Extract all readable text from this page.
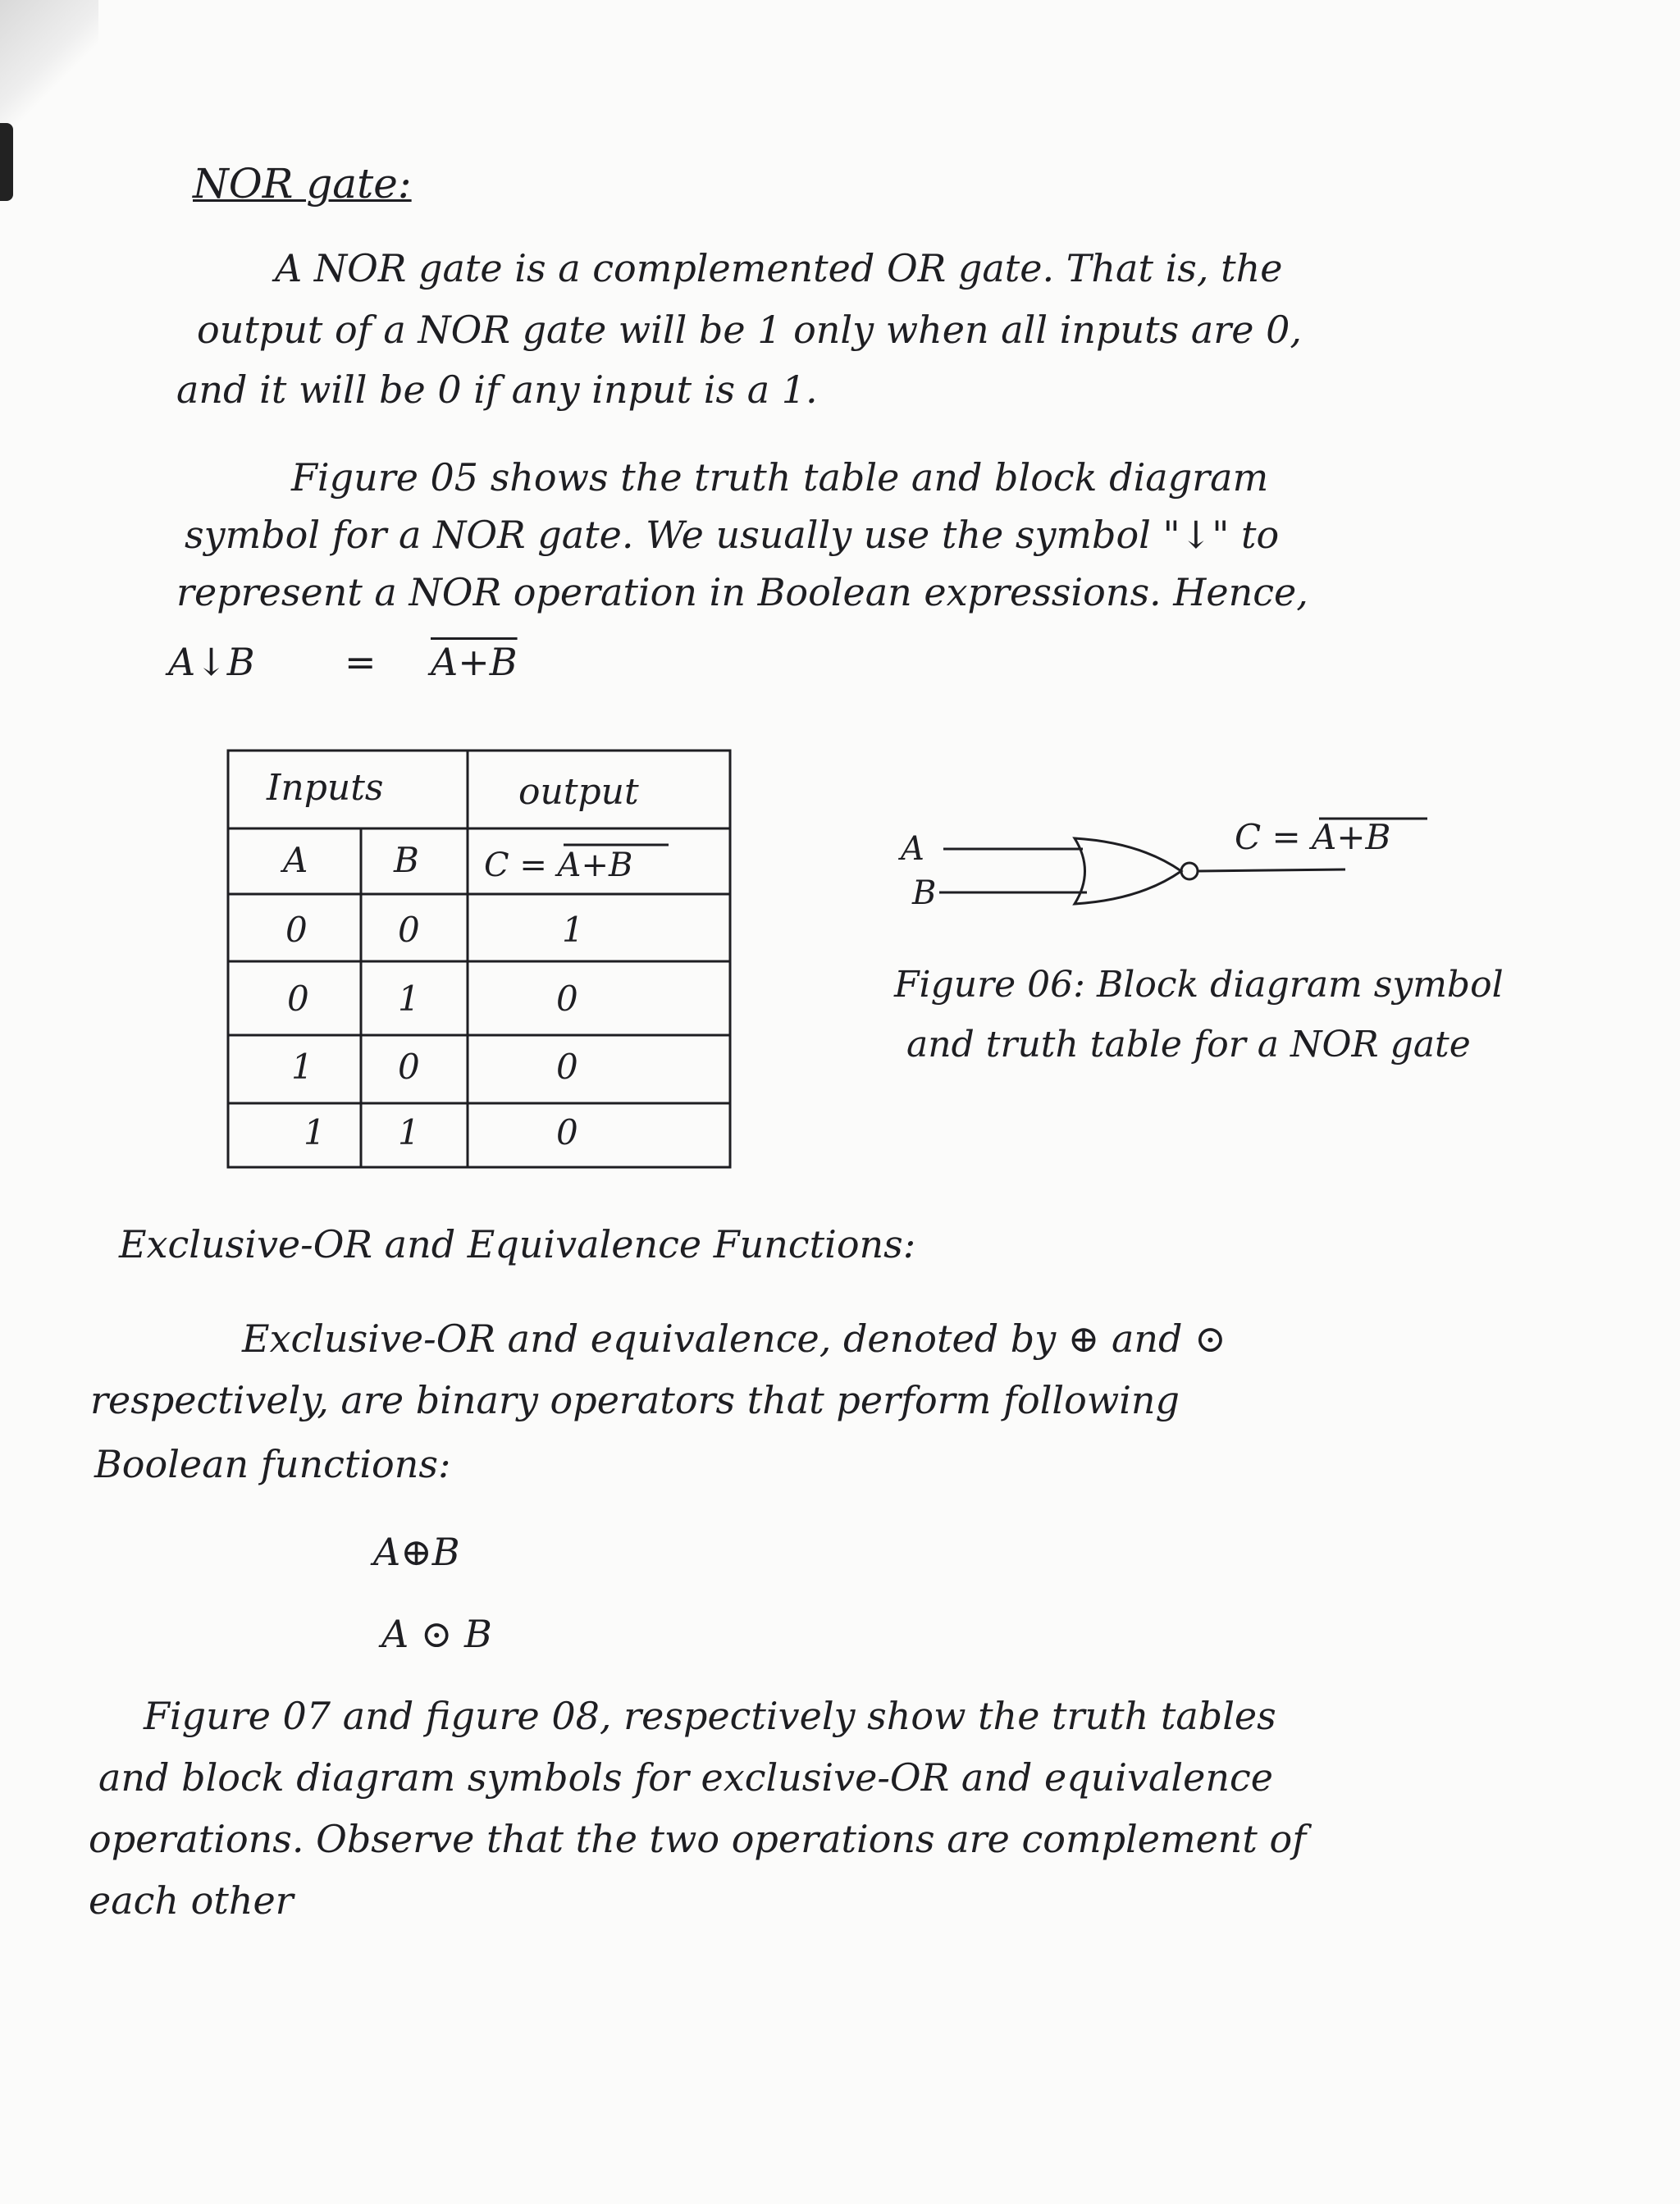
NOR gate:
A NOR gate is a complemented OR gate. That is, the
output of a NOR gate will be 1 only when all inputs are 0,
and it will be 0 if any input is a 1.
Figure 05 shows the truth table and block diagram
symbol for a NOR gate. We usually use the symbol "↓" to
represent a NOR operation in Boolean expressions. Hence,
A↓B = A+B
Inputs	output
A B C = A+B
0	0	1
0	1	0
1 0	0
1 1	0
A
B
C = A+B
Figure 06: Block diagram symbol
and truth table for a NOR gate
Exclusive-OR and Equivalence Functions:
Exclusive-OR and equivalence, denoted by ⊕ and ⊙
respectively, are binary operators that perform following
Boolean functions:
A⊕B
A ⊙ B
Figure 07 and figure 08, respectively show the truth tables
and block diagram symbols for exclusive-OR and equivalence
operations. Observe that the two operations are complement of
each other
